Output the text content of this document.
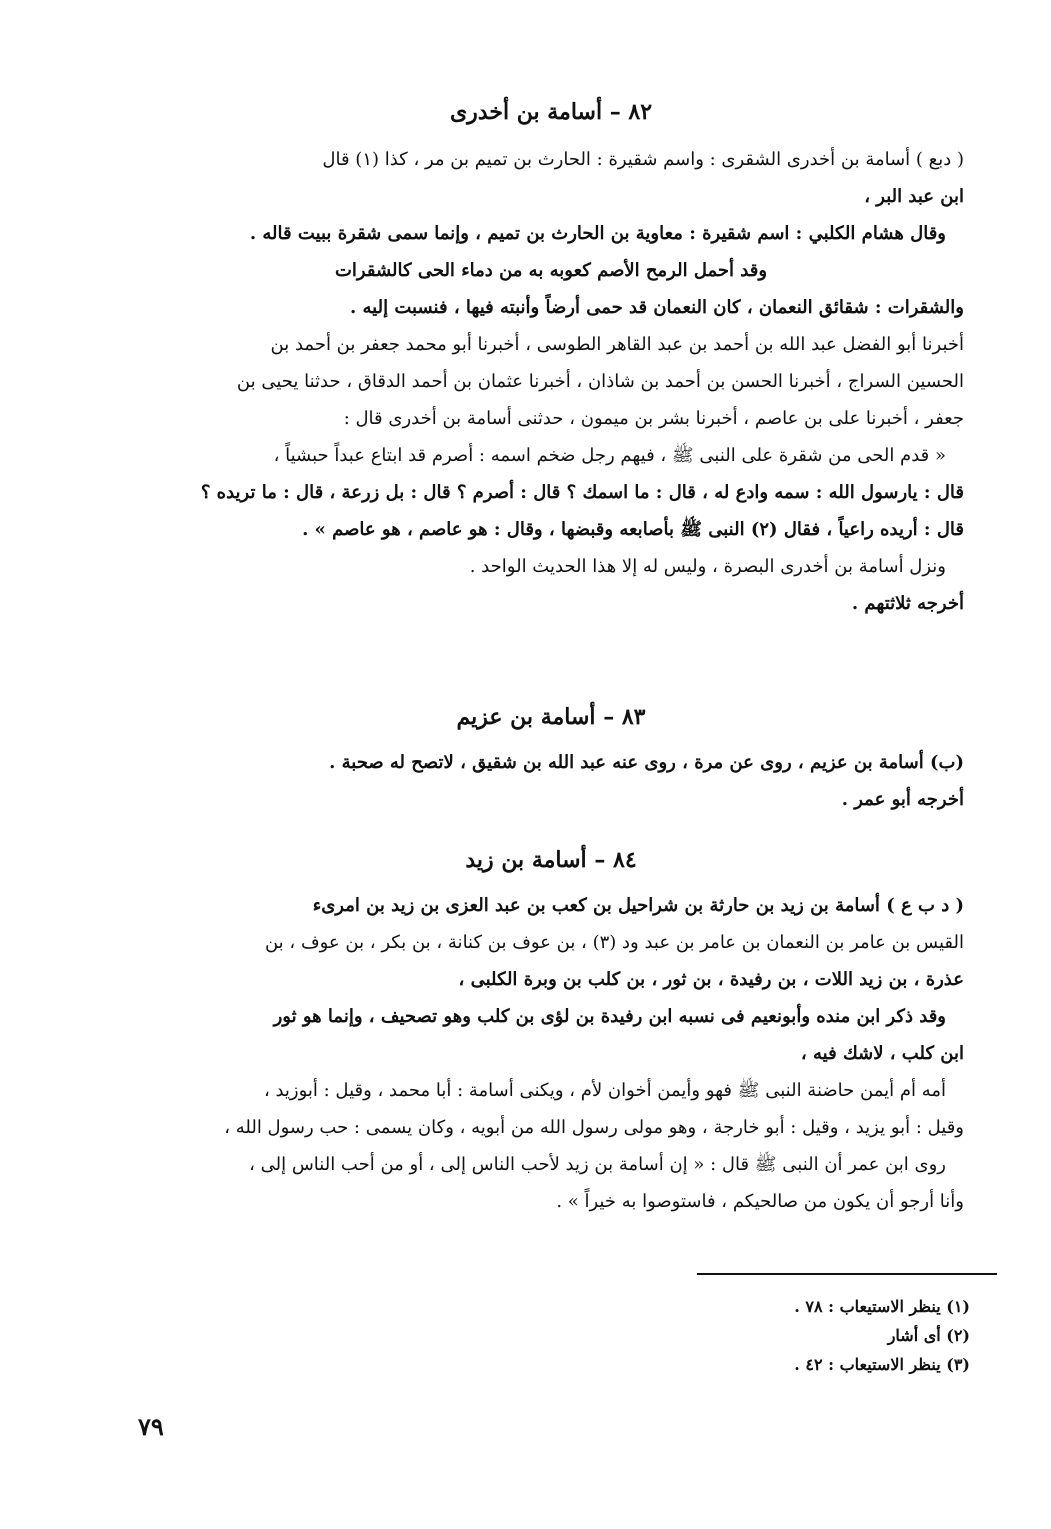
٨٢ – أسامة بن أخدرى

( دبع ) أسامة بن أخدرى الشقرى : واسم شقيرة : الحارث بن تميم بن مر ، كذا (١) قال

ابن عبد البر ،

وقال هشام الكلبي : اسم شقيرة : معاوية بن الحارث بن تميم ، وإنما سمى شقرة ببيت قاله .

وقد أحمل الرمح الأصم كعوبه به من دماء الحى كالشقرات

والشقرات : شقائق النعمان ، كان النعمان قد حمى أرضاً وأنبته فيها ، فنسبت إليه .

أخبرنا أبو الفضل عبد الله بن أحمد بن عبد القاهر الطوسى ، أخبرنا أبو محمد جعفر بن أحمد بن

الحسين السراج ، أخبرنا الحسن بن أحمد بن شاذان ، أخبرنا عثمان بن أحمد الدقاق ، حدثنا يحيى بن

جعفر ، أخبرنا على بن عاصم ، أخبرنا بشر بن ميمون ، حدثنى أسامة بن أخدرى قال :

« قدم الحى من شقرة على النبى ﷺ ، فيهم رجل ضخم اسمه : أصرم قد ابتاع عبداً حبشياً ،

قال : يارسول الله : سمه وادع له ، قال : ما اسمك ؟ قال : أصرم ؟ قال : بل زرعة ، قال : ما تريده ؟

قال : أريده راعياً ، فقال (٢) النبى ﷺ بأصابعه وقبضها ، وقال : هو عاصم ، هو عاصم » .

ونزل أسامة بن أخدرى البصرة ، وليس له إلا هذا الحديث الواحد .

أخرجه ثلاثتهم .

٨٣ – أسامة بن عزيم

(ب) أسامة بن عزيم ، روى عن مرة ، روى عنه عبد الله بن شقيق ، لاتصح له صحبة .

أخرجه أبو عمر .

٨٤ – أسامة بن زيد

( د ب ع ) أسامة بن زيد بن حارثة بن شراحيل بن كعب بن عبد العزى بن زيد بن امرىء

القيس بن عامر بن النعمان بن عامر بن عبد ود (٣) ، بن عوف بن كنانة ، بن بكر ، بن عوف ، بن

عذرة ، بن زيد اللات ، بن رفيدة ، بن ثور ، بن كلب بن وبرة الكلبى ،

وقد ذكر ابن منده وأبونعيم فى نسبه ابن رفيدة بن لؤى بن كلب وهو تصحيف ، وإنما هو ثور

ابن كلب ، لاشك فيه ،

أمه أم أيمن حاضنة النبى ﷺ فهو وأيمن أخوان لأم ، ويكنى أسامة : أبا محمد ، وقيل : أبوزيد ،

وقيل : أبو يزيد ، وقيل : أبو خارجة ، وهو مولى رسول الله من أبويه ، وكان يسمى : حب رسول الله ،

روى ابن عمر أن النبى ﷺ قال : « إن أسامة بن زيد لأحب الناس إلى ، أو من أحب الناس إلى ،

وأنا أرجو أن يكون من صالحيكم ، فاستوصوا به خيراً » .

(١) ينظر الاستيعاب : ٧٨ .

(٢) أى أشار

(٣) ينظر الاستيعاب : ٤٢ .

٧٩
